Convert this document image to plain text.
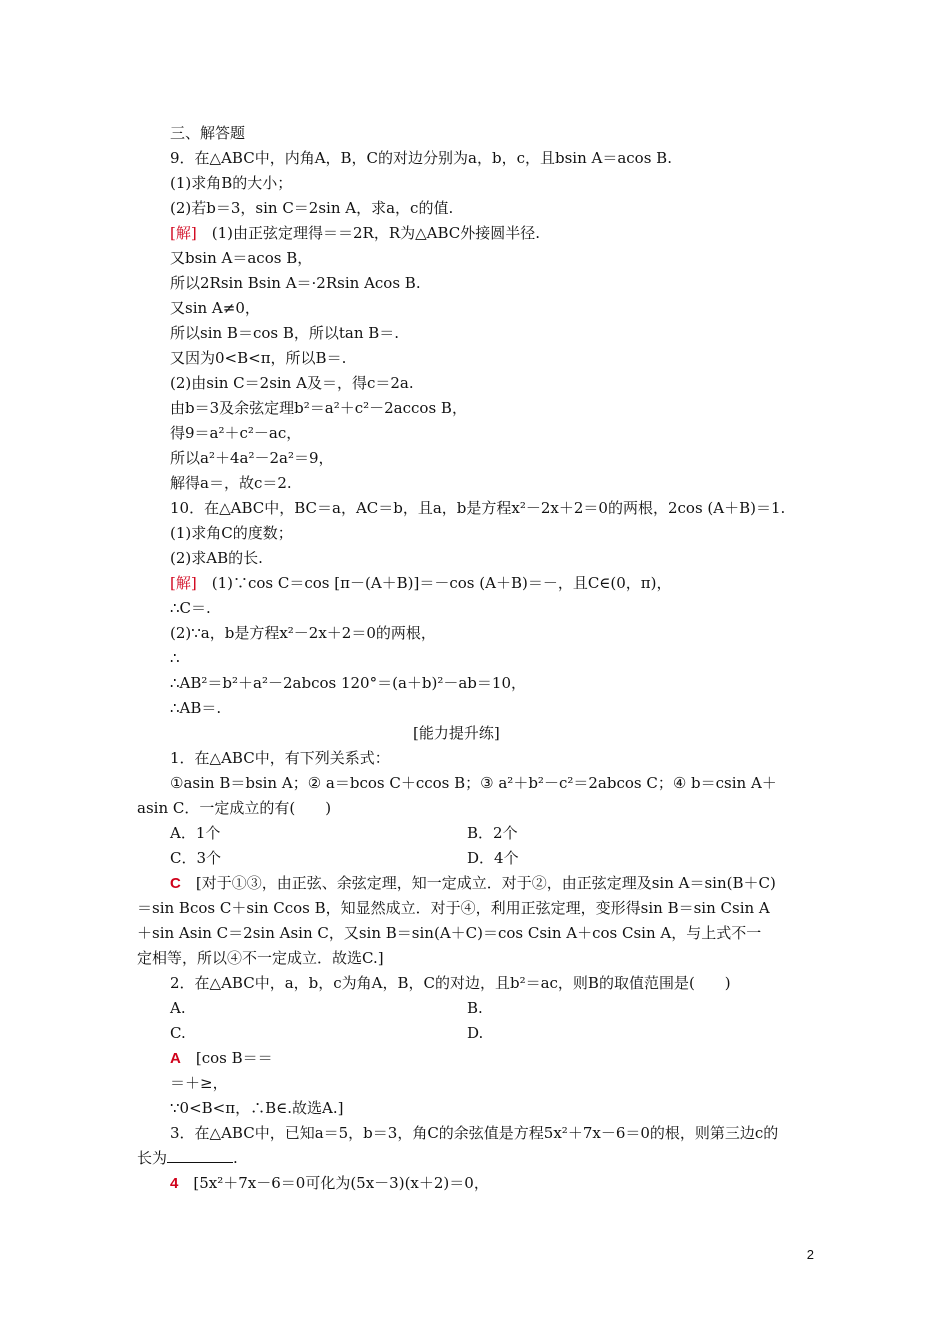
三、解答题
9．在△ABC中，内角A，B，C的对边分别为a，b，c，且bsin A＝acos B.
(1)求角B的大小；
(2)若b＝3，sin C＝2sin A，求a，c的值.
[解]　 (1)由正弦定理得＝＝2R，R为△ABC外接圆半径.
又bsin A＝acos B，
所以2Rsin Bsin A＝·2Rsin Acos B.
又sin A≠0，
所以sin B＝cos B，所以tan B＝.
又因为0<B<π，所以B＝.
(2)由sin C＝2sin A及＝，得c＝2a.
由b＝3及余弦定理b²＝a²＋c²－2accos B，
得9＝a²＋c²－ac，
所以a²＋4a²－2a²＝9，
解得a＝，故c＝2.
10．在△ABC中，BC＝a，AC＝b，且a，b是方程x²－2x＋2＝0的两根，2cos (A＋B)＝1.
(1)求角C的度数；
(2)求AB的长.
[解]　 (1)∵cos C＝cos [π－(A＋B)]＝－cos (A＋B)＝－，且C∈(0，π)，
∴C＝.
(2)∵a，b是方程x²－2x＋2＝0的两根，
∴
∴AB²＝b²＋a²－2abcos 120°＝(a＋b)²－ab＝10，
∴AB＝.
[能力提升练]
1．在△ABC中，有下列关系式：
①asin B＝bsin A；② a＝bcos C＋ccos B；③ a²＋b²－c²＝2abcos C；④ b＝csin A＋
asin C．一定成立的有(　　)
A．1个	B．2个
C．3个	D．4个
C　 [对于①③，由正弦、余弦定理，知一定成立．对于②，由正弦定理及sin A＝sin(B＋C)
＝sin Bcos C＋sin Ccos B，知显然成立．对于④，利用正弦定理，变形得sin B＝sin Csin A
＋sin Asin C＝2sin Asin C，又sin B＝sin(A＋C)＝cos Csin A＋cos Csin A，与上式不一
定相等，所以④不一定成立．故选C.]
2．在△ABC中，a，b，c为角A，B，C的对边，且b²＝ac，则B的取值范围是(　　)
A.	B.
C.	D.
A　 [cos B＝＝
＝＋≥，
∵0<B<π，∴B∈.故选A.]
3．在△ABC中，已知a＝5，b＝3，角C的余弦值是方程5x²＋7x－6＝0的根，则第三边c的
长为	.
4　 [5x²＋7x－6＝0可化为(5x－3)(x＋2)＝0，
2
